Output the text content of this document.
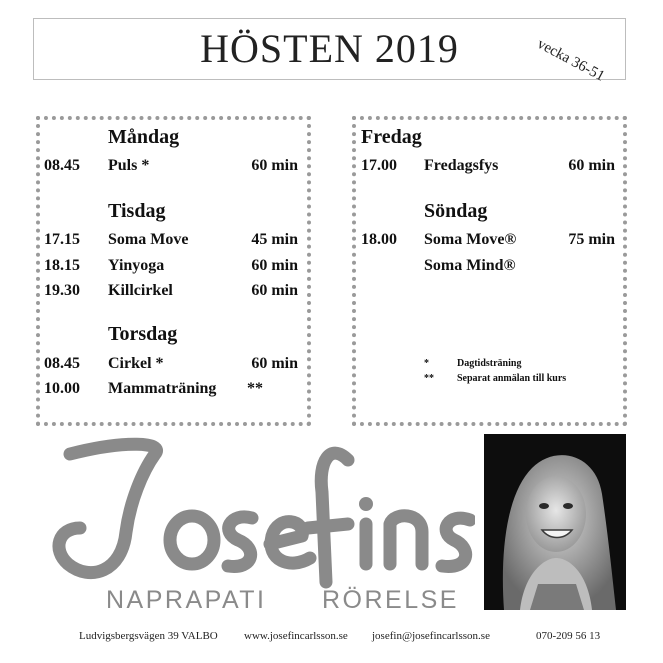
HÖSTEN 2019	vecka 36-51
Måndag
08.45 Puls *	60 min
Tisdag
17.15 Soma Move	45 min
18.15 Yinyoga	60 min
19.30 Killcirkel	60 min
Torsdag
08.45 Cirkel *	60 min
10.00 Mammaträning **
Fredag
17.00 Fredagsfys	60 min
Söndag
18.00 Soma Move®	75 min
Soma Mind®
*	Dagtidsträning
** Separat anmälan till kurs
NAPRAPATI RÖRELSE
Ludvigsbergsvägen 39 VALBO www.josefincarlsson.se josefin@josefincarlsson.se	070-209 56 13
